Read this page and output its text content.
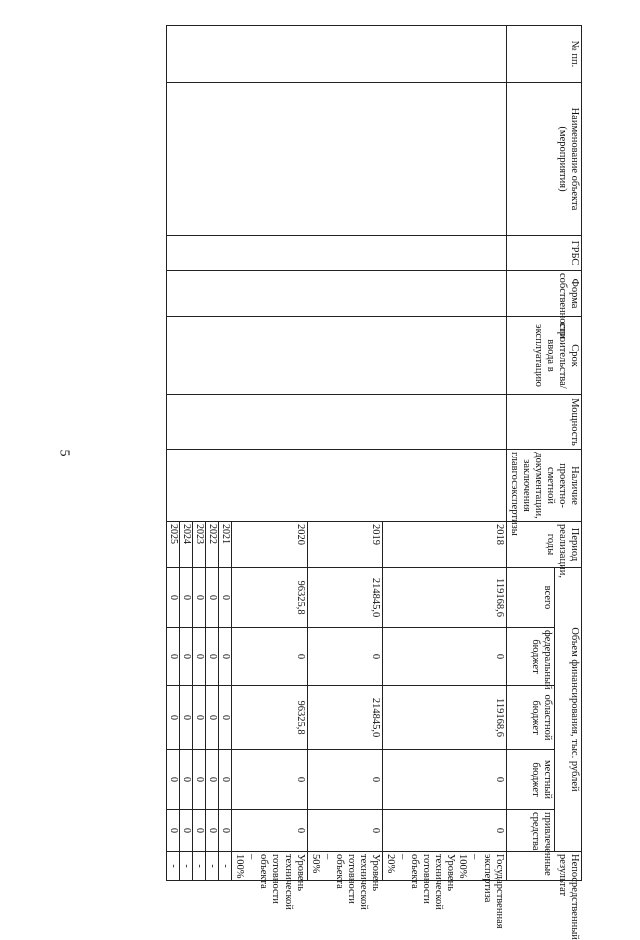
5
№ пп.	Наименование объекта (мероприятия)	ГРБС	Форма собственности	Срок строительства/ ввода в эксплуатацию	Мощность	Наличие проектно-сметной документации, заключения главгосэкспертизы	Период реализации, годы	Объем финансирования, тыс. рублей					Непосредственный результат
								всего	федеральный бюджет	областной бюджет	местный бюджет	привлеченные средства	
							2018	119168,6	0	119168,6	0	0	Государственная экспертиза – 100% Уровень технической готовности объекта – 20%
							2019	214845,0	0	214845,0	0	0	Уровень технической готовности объекта – 50%
							2020	96325,8	0	96325,8	0	0	Уровень технической готовности объекта – 100%
							2021	0	0	0	0	0	-
							2022	0	0	0	0	0	-
							2023	0	0	0	0	0	-
							2024	0	0	0	0	0	-
							2025	0	0	0	0	0	-
